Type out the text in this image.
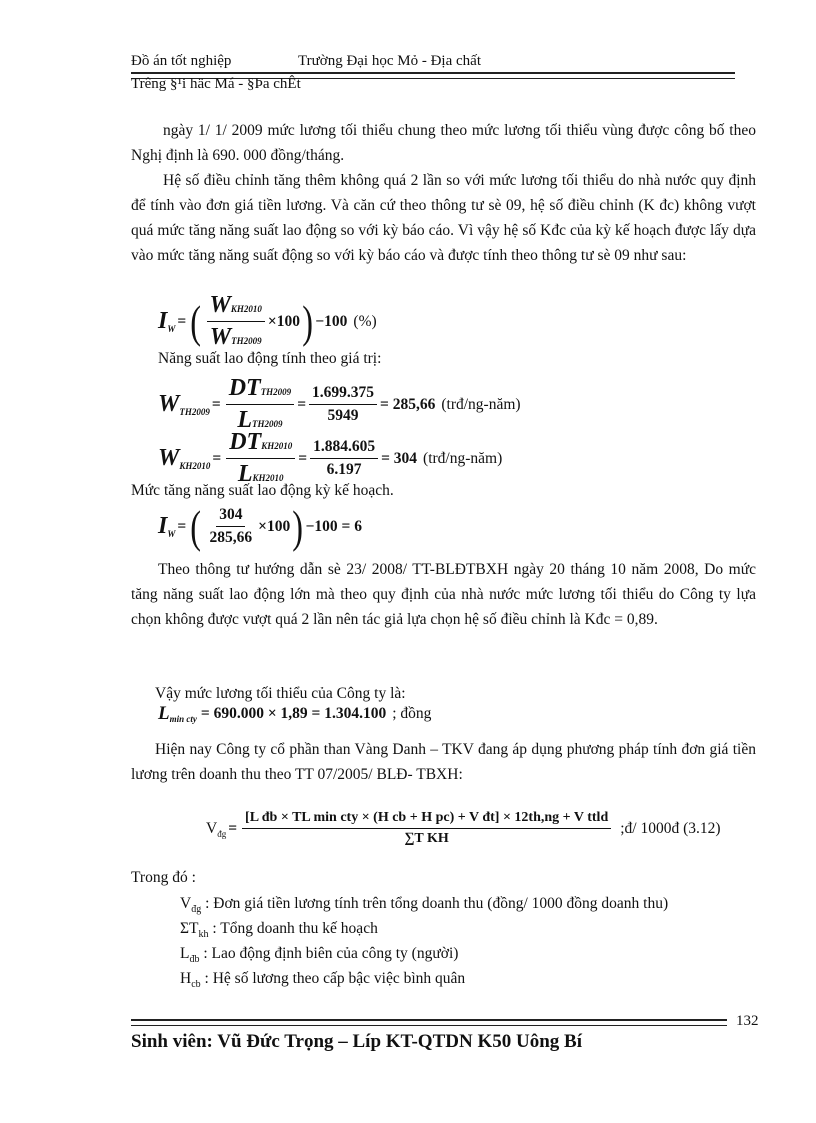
Đồ án tốt nghiệp	Trường Đại học Mỏ - Địa chất
Trêng §¹i häc Má - §Þa chÊt
ngày 1/ 1/ 2009 mức lương tối thiểu chung theo mức lương tối thiểu vùng được công bố theo Nghị định là 690. 000 đồng/tháng.
Hệ số điều chỉnh tăng thêm không quá 2 lần so với mức lương tối thiểu do nhà nước quy định để tính vào đơn giá tiền lương. Và căn cứ theo thông tư sè 09, hệ số điều chỉnh (K đc) không vượt quá mức tăng năng suất lao động so với kỳ báo cáo. Vì vậy hệ số Kđc của kỳ kế hoạch được lấy dựa vào mức tăng năng suất động so với kỳ báo cáo và được tính theo thông tư sè 09 như sau:
I W = ( $\frac{\text{WKH2010}}{\text{WTH2009}} \times 100$ ) −100 (%)
Năng suất lao động tính theo giá trị:
W $TH2009 = \frac{\text{DTTH2009}}{\text{LTH2009}} = \frac{1.699.375}{5949} = 285,66$ (trđ/ng-năm)
W $KH2010 = \frac{\text{DTKH2010}}{\text{LKH2010}} = \frac{1.884.605}{6.197} = 304$ (trđ/ng-năm)
Mức tăng năng suất lao động kỳ kế hoạch.
I W = ( $\frac{304}{285,66} \times 100$ ) −100 = 6
Theo thông tư hướng dẫn sè 23/ 2008/ TT-BLĐTBXH ngày 20 tháng 10 năm 2008, Do mức tăng năng suất lao động lớn mà theo quy định của nhà nước mức lương tối thiểu do Công ty lựa chọn không được vượt quá 2 lần nên tác giả lựa chọn hệ số điều chỉnh là Kđc = 0,89.
Vậy mức lương tối thiểu của Công ty là:
L min cty = 690.000 × 1,89 = 1.304.100 ; đồng
Hiện nay Công ty cổ phần than Vàng Danh – TKV đang áp dụng phương pháp tính đơn giá tiền lương trên doanh thu theo TT 07/2005/ BLĐ- TBXH:
V đg =
[L đb × TL min cty × (H cb + H pc) + V đt] × 12th,ng + V ttld
∑T KH
;đ/ 1000đ (3.12)
Trong đó :
$V_{đg}$ : Đơn giá tiền lương tính trên tổng doanh thu (đồng/ 1000 đồng doanh thu)
$\Sigma T_{kh}$ : Tổng doanh thu kế hoạch
$L_{đb}$ : Lao động định biên của công ty (người)
$H_{cb}$ : Hệ số lương theo cấp bậc việc bình quân
132
Sinh viên: Vũ Đức Trọng – Líp KT-QTDN K50 Uông Bí
